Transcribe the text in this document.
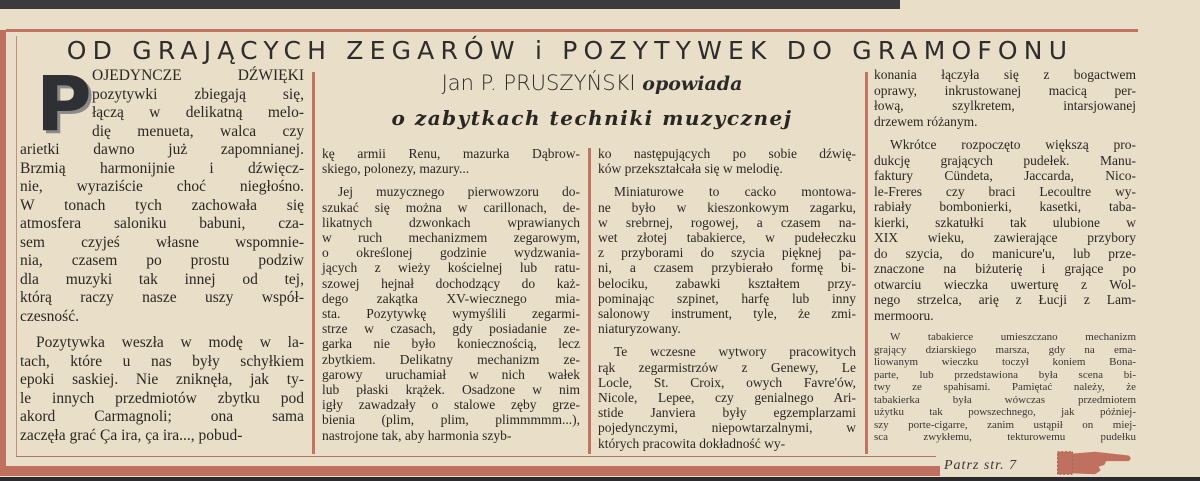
OD GRAJĄCYCH ZEGARÓW i POZYTYWEK DO GRAMOFONU
Jan P. PRUSZYŃSKI opowiada
o zabytkach techniki muzycznej
P OJEDYNCZE DŹWIĘKI
pozytywki zbiegają się,
łączą w delikatną melo-
dię menueta, walca czy
arietki dawno już zapomnianej.
Brzmią harmonijnie i dźwięcz-
nie, wyraziście choć niegłośno.
W tonach tych zachowała się
atmosfera saloniku babuni, cza-
sem czyjeś własne wspomnie-
nia, czasem po prostu podziw
dla muzyki tak innej od tej,
którą raczy nasze uszy współ-
czesność.
Pozytywka weszła w modę w la-
tach, które u nas były schyłkiem
epoki saskiej. Nie zniknęła, jak ty-
le innych przedmiotów zbytku pod
akord Carmagnoli; ona sama
zaczęła grać Ça ira, ça ira..., pobud-
kę armii Renu, mazurka Dąbrow-
skiego, polonezy, mazury...
Jej muzycznego pierwowzoru do-
szukać się można w carillonach, de-
likatnych dzwonkach wprawianych
w ruch mechanizmem zegarowym,
o określonej godzinie wydzwania-
jących z wieży kościelnej lub ratu-
szowej hejnał dochodzący do każ-
dego zakątka XV-wiecznego mia-
sta. Pozytywkę wymyślili zegarmi-
strze w czasach, gdy posiadanie ze-
garka nie było koniecznością, lecz
zbytkiem. Delikatny mechanizm ze-
garowy uruchamiał w nich wałek
lub płaski krążek. Osadzone w nim
igły zawadzały o stalowe zęby grze-
bienia (plim, plim, plimmmmm...),
nastrojone tak, aby harmonia szyb-
ko następujących po sobie dźwię-
ków przekształcała się w melodię.
Miniaturowe to cacko montowa-
ne było w kieszonkowym zagarku,
w srebrnej, rogowej, a czasem na-
wet złotej tabakierce, w pudełeczku
z przyborami do szycia pięknej pa-
ni, a czasem przybierało formę bi-
belociku, zabawki kształtem przy-
pominając szpinet, harfę lub inny
salonowy instrument, tyle, że zmi-
niaturyzowany.
Te wczesne wytwory pracowitych
rąk zegarmistrzów z Genewy, Le
Locle, St. Croix, owych Favre'ów,
Nicole, Lepee, czy genialnego Ari-
stide Janviera były egzemplarzami
pojedynczymi, niepowtarzalnymi, w
których pracowita dokładność wy-
konania łączyła się z bogactwem
oprawy, inkrustowanej macicą per-
łową, szylkretem, intarsjowanej
drzewem różanym.
Wkrótce rozpoczęto większą pro-
dukcję grających pudełek. Manu-
faktury Cündeta, Jaccarda, Nico-
le-Freres czy braci Lecoultre wy-
rabiały bombonierki, kasetki, taba-
kierki, szkatułki tak ulubione w
XIX wieku, zawierające przybory
do szycia, do manicure'u, lub prze-
znaczone na biżuterię i grające po
otwarciu wieczka uwerturę z Wol-
nego strzelca, arię z Łucji z Lam-
mermooru.
W tabakierce umieszczano mechanizm
grający dziarskiego marsza, gdy na ema-
liowanym wieczku toczył koniem Bona-
parte, lub przedstawiona była scena bi-
twy ze spahisami. Pamiętać należy, że
tabakierka była wówczas przedmiotem
użytku tak powszechnego, jak później-
szy porte-cigarre, zanim ustąpił on miej-
sca zwykłemu, tekturowemu pudełku
Patrz str. 7
